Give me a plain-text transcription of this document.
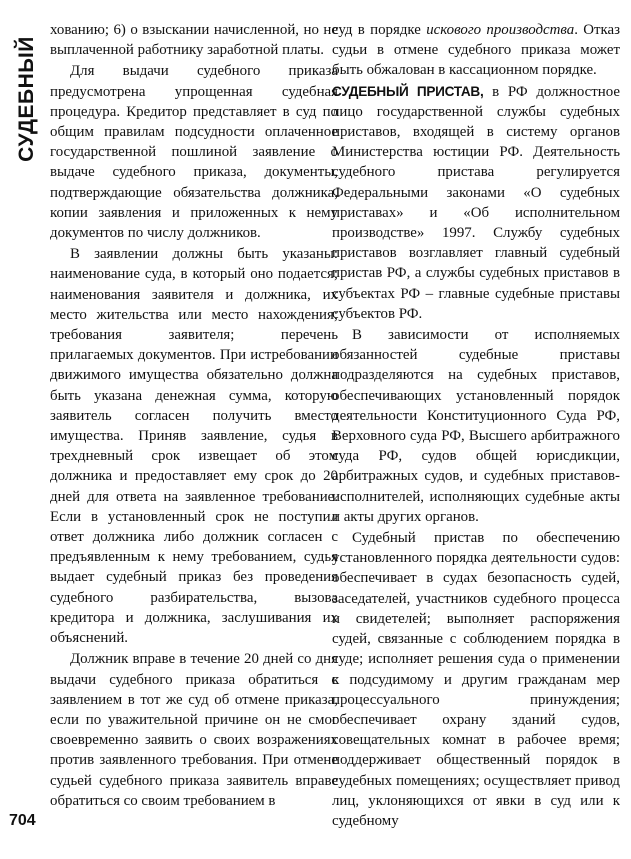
СУДЕБНЫЙ

хованию; 6) о взыскании начисленной, но не выплаченной работнику заработной платы.

Для выдачи судебного приказа предусмотрена упрощенная судебная процедура. Кредитор представляет в суд по общим правилам подсудности оплаченное государственной пошлиной заявление о выдаче судебного приказа, документы, подтверждающие обязательства должника, копии заявления и приложенных к нему документов по числу должников.

В заявлении должны быть указаны: наименование суда, в который оно подается; наименования заявителя и должника, их место жительства или место нахождения; требования заявителя; перечень прилагаемых документов. При истребовании движимого имущества обязательно должна быть указана денежная сумма, которую заявитель согласен получить вместо имущества. Приняв заявление, судья в трехдневный срок извещает об этом должника и предоставляет ему срок до 20 дней для ответа на заявленное требование. Если в установленный срок не поступил ответ должника либо должник согласен с предъявленным к нему требованием, судья выдает судебный приказ без проведения судебного разбирательства, вызова кредитора и должника, заслушивания их объяснений.

Должник вправе в течение 20 дней со дня выдачи судебного приказа обратиться с заявлением в тот же суд об отмене приказа, если по уважительной причине он не смог своевременно заявить о своих возражениях против заявленного требования. При отмене судьей судебного приказа заявитель вправе обратиться со своим требованием в

суд в порядке искового производства. Отказ судьи в отмене судебного приказа может быть обжалован в кассационном порядке.

СУДЕБНЫЙ ПРИСТАВ, в РФ должностное лицо государственной службы судебных приставов, входящей в систему органов Министерства юстиции РФ. Деятельность судебного пристава регулируется Федеральными законами «О судебных приставах» и «Об исполнительном производстве» 1997. Службу судебных приставов возглавляет главный судебный пристав РФ, а службы судебных приставов в субъектах РФ – главные судебные приставы субъектов РФ.

В зависимости от исполняемых обязанностей судебные приставы подразделяются на судебных приставов, обеспечивающих установленный порядок деятельности Конституционного Суда РФ, Верховного суда РФ, Высшего арбитражного суда РФ, судов общей юрисдикции, арбитражных судов, и судебных приставов-исполнителей, исполняющих судебные акты и акты других органов.

Судебный пристав по обеспечению установленного порядка деятельности судов: обеспечивает в судах безопасность судей, заседателей, участников судебного процесса и свидетелей; выполняет распоряжения судей, связанные с соблюдением порядка в суде; исполняет решения суда о применении к подсудимому и другим гражданам мер процессуального принуждения; обеспечивает охрану зданий судов, совещательных комнат в рабочее время; поддерживает общественный порядок в судебных помещениях; осуществляет привод лиц, уклоняющихся от явки в суд или к судебному

704
